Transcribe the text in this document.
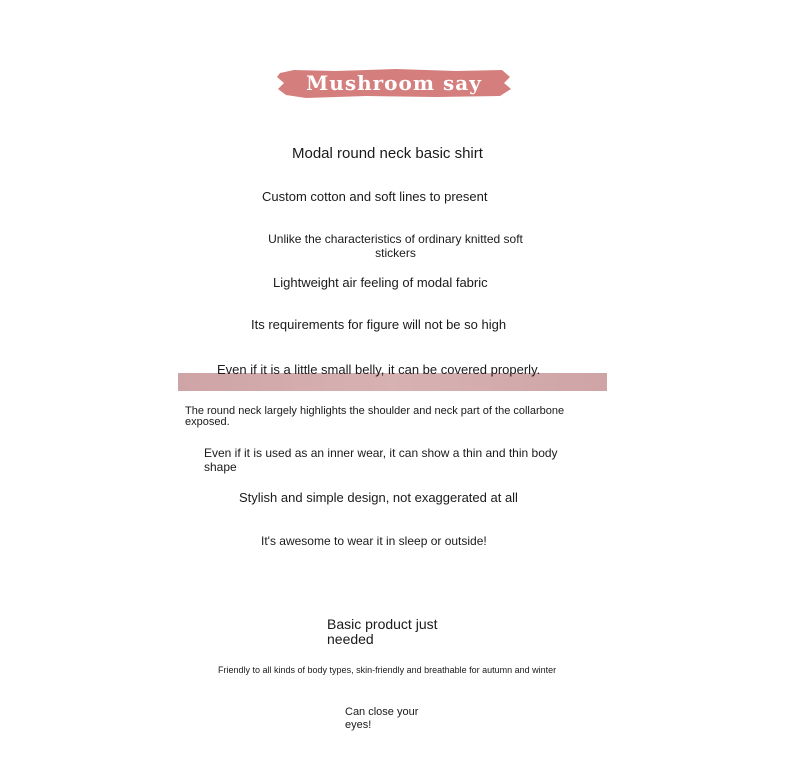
Mushroom say
Modal round neck basic shirt
Custom cotton and soft lines to present
Unlike the characteristics of ordinary knitted soft stickers
Lightweight air feeling of modal fabric
Its requirements for figure will not be so high
Even if it is a little small belly, it can be covered properly.
The round neck largely highlights the shoulder and neck part of the collarbone exposed.
Even if it is used as an inner wear, it can show a thin and thin body shape
Stylish and simple design, not exaggerated at all
It's awesome to wear it in sleep or outside!
Basic product just needed
Friendly to all kinds of body types, skin-friendly and breathable for autumn and winter
Can close your eyes!
